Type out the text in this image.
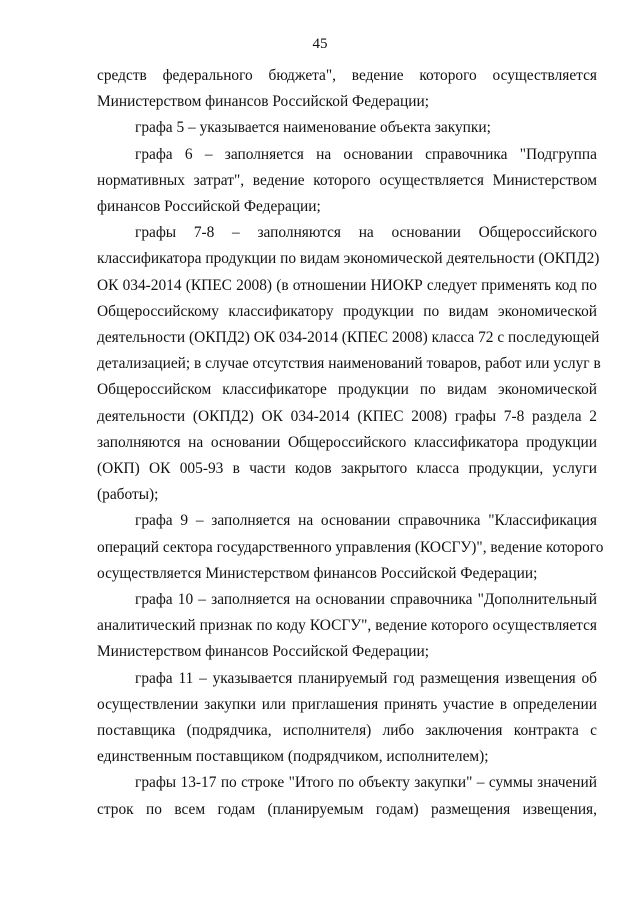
45

средств федерального бюджета", ведение которого осуществляется
Министерством финансов Российской Федерации;

графа 5 – указывается наименование объекта закупки;

графа 6 – заполняется на основании справочника "Подгруппа
нормативных затрат", ведение которого осуществляется Министерством
финансов Российской Федерации;

графы 7-8 – заполняются на основании Общероссийского
классификатора продукции по видам экономической деятельности (ОКПД2)
ОК 034-2014 (КПЕС 2008) (в отношении НИОКР следует применять код по
Общероссийскому классификатору продукции по видам экономической
деятельности (ОКПД2) ОК 034-2014 (КПЕС 2008) класса 72 с последующей
детализацией; в случае отсутствия наименований товаров, работ или услуг в
Общероссийском классификаторе продукции по видам экономической
деятельности (ОКПД2) ОК 034-2014 (КПЕС 2008) графы 7-8 раздела 2
заполняются на основании Общероссийского классификатора продукции
(ОКП) ОК 005-93 в части кодов закрытого класса продукции, услуги
(работы);

графа 9 – заполняется на основании справочника "Классификация
операций сектора государственного управления (КОСГУ)", ведение которого
осуществляется Министерством финансов Российской Федерации;

графа 10 – заполняется на основании справочника "Дополнительный
аналитический признак по коду КОСГУ", ведение которого осуществляется
Министерством финансов Российской Федерации;

графа 11 – указывается планируемый год размещения извещения об
осуществлении закупки или приглашения принять участие в определении
поставщика (подрядчика, исполнителя) либо заключения контракта с
единственным поставщиком (подрядчиком, исполнителем);

графы 13-17 по строке "Итого по объекту закупки" – суммы значений
строк по всем годам (планируемым годам) размещения извещения,
